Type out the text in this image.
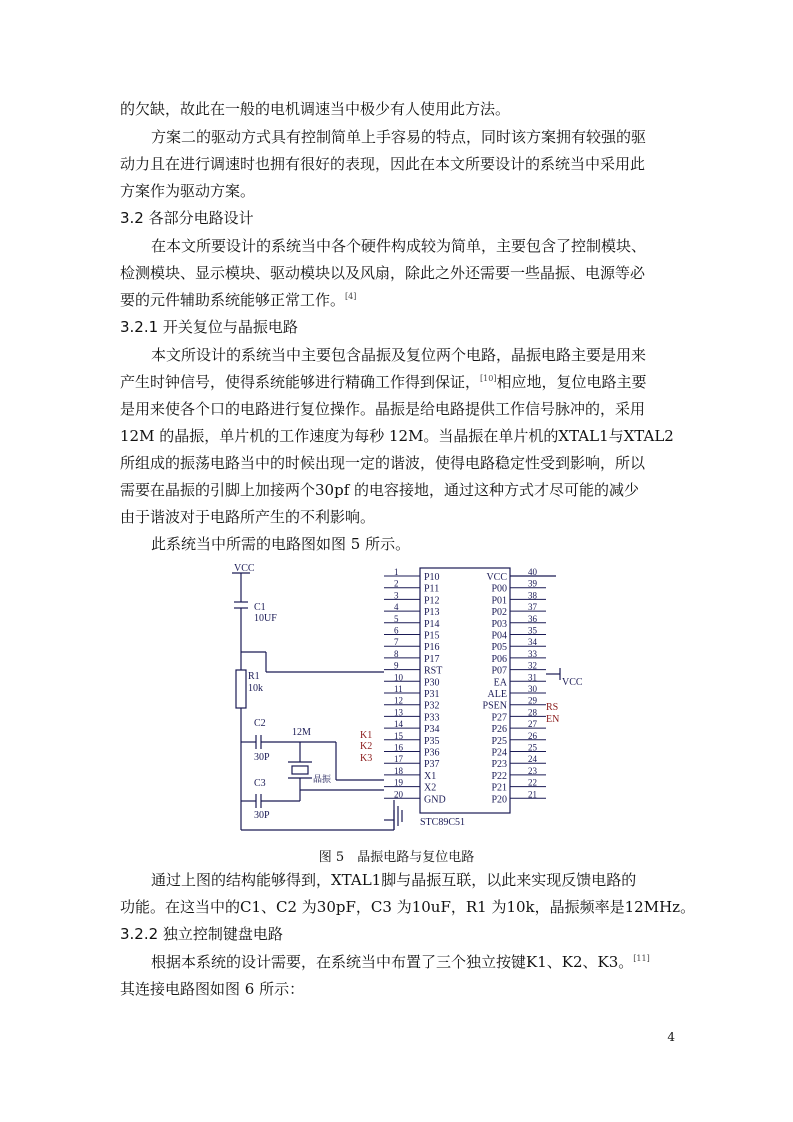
的欠缺，故此在一般的电机调速当中极少有人使用此方法。
方案二的驱动方式具有控制简单上手容易的特点，同时该方案拥有较强的驱
动力且在进行调速时也拥有很好的表现，因此在本文所要设计的系统当中采用此
方案作为驱动方案。
3.2 各部分电路设计
在本文所要设计的系统当中各个硬件构成较为简单，主要包含了控制模块、
检测模块、显示模块、驱动模块以及风扇，除此之外还需要一些晶振、电源等必
要的元件辅助系统能够正常工作。[4]
3.2.1 开关复位与晶振电路
本文所设计的系统当中主要包含晶振及复位两个电路，晶振电路主要是用来
产生时钟信号，使得系统能够进行精确工作得到保证，[10]相应地，复位电路主要
是用来使各个口的电路进行复位操作。晶振是给电路提供工作信号脉冲的，采用
12M 的晶振，单片机的工作速度为每秒 12M。当晶振在单片机的XTAL1与XTAL2
所组成的振荡电路当中的时候出现一定的谐波，使得电路稳定性受到影响，所以
需要在晶振的引脚上加接两个30pf 的电容接地，通过这种方式才尽可能的减少
由于谐波对于电路所产生的不利影响。
此系统当中所需的电路图如图 5 所示。
1	P10
2	P11
3	P12
4	P13
5	P14
6	P15
7	P16
8	P17
9	RST
10 P30
11 P31
12 P32
13 P33
14 P34
15 P35
16 P36
17 P37
18 X1
19 X2
20 GND
40
VCC
39
P00
38
P01
37
P02
36
P03
35
P04
34
P05
33
P06
32
P07
31
EA
30
ALE
29
PSEN
28
P27
27
P26
26
P25
25
P24
24
P23
23
P22
22
P21
21
P20
VCC
C1
10UF
R1
10k
C2
30P
C3
30P
12M
晶振
STC89C51
VCC
K1
K2
K3
RS
EN
图 5　晶振电路与复位电路
通过上图的结构能够得到，XTAL1脚与晶振互联，以此来实现反馈电路的
功能。在这当中的C1、C2 为30pF，C3 为10uF，R1 为10k，晶振频率是12MHz。
3.2.2 独立控制键盘电路
根据本系统的设计需要，在系统当中布置了三个独立按键K1、K2、K3。[11]
其连接电路图如图 6 所示：
4
